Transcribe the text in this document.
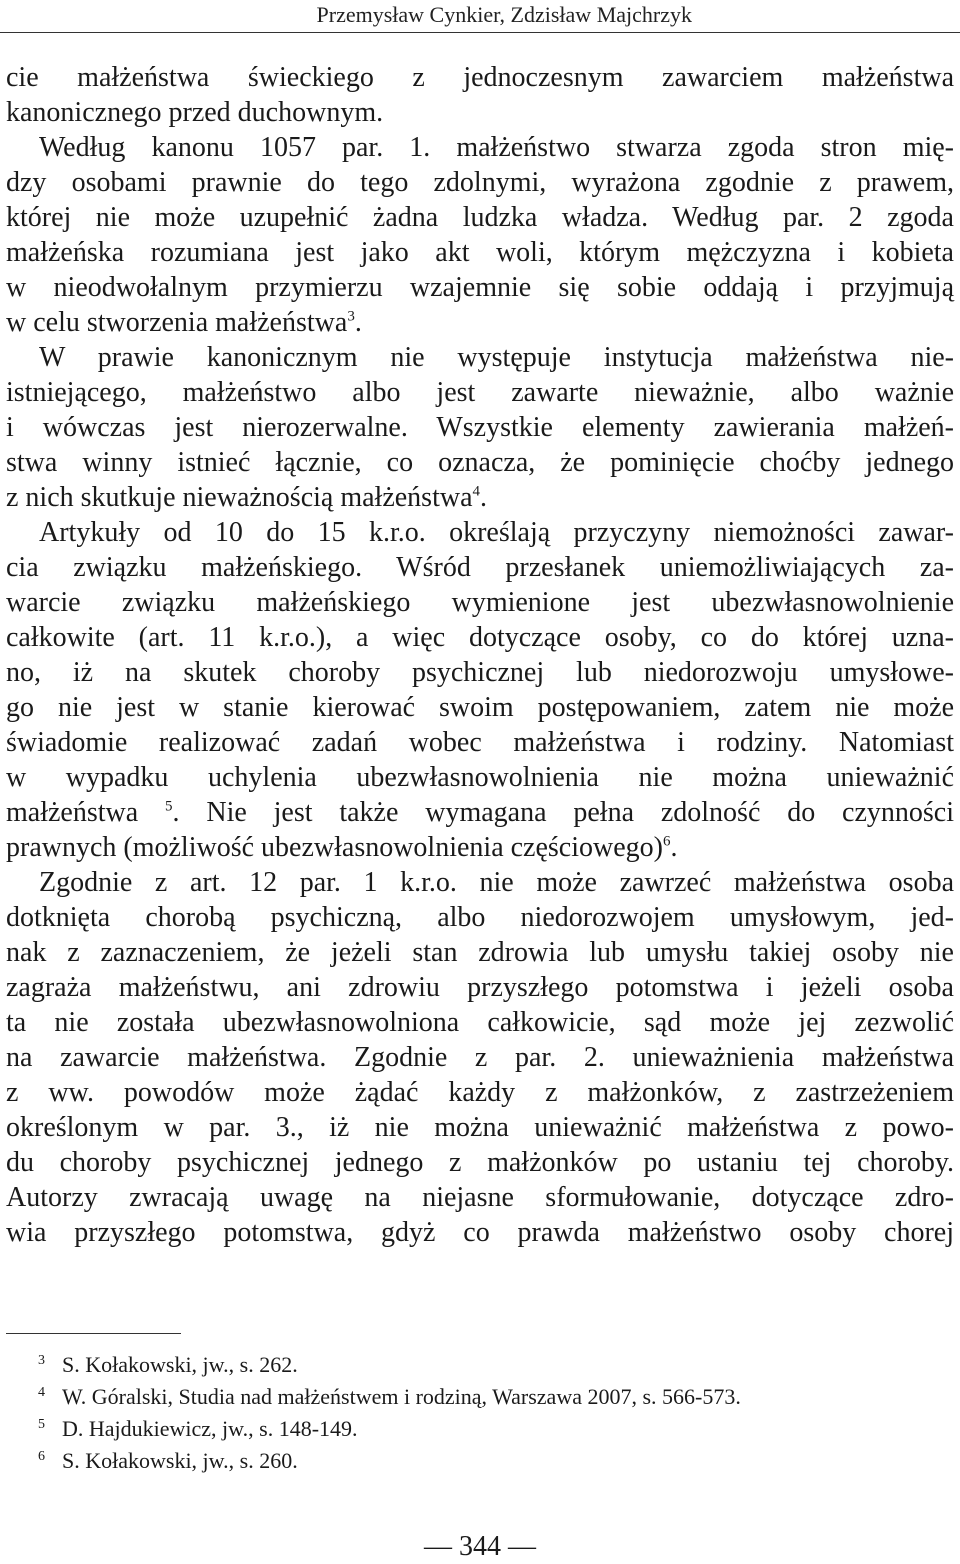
Przemysław Cynkier, Zdzisław Majchrzyk
cie małżeństwa świeckiego z jednoczesnym zawarciem małżeństwa
kanonicznego przed duchownym.
Według kanonu 1057 par. 1. małżeństwo stwarza zgoda stron mię-
dzy osobami prawnie do tego zdolnymi, wyrażona zgodnie z prawem,
której nie może uzupełnić żadna ludzka władza. Według par. 2 zgoda
małżeńska rozumiana jest jako akt woli, którym mężczyzna i kobieta
w nieodwołalnym przymierzu wzajemnie się sobie oddają i przyjmują
w celu stworzenia małżeństwa$^3$.
W prawie kanonicznym nie występuje instytucja małżeństwa nie-
istniejącego, małżeństwo albo jest zawarte nieważnie, albo ważnie
i wówczas jest nierozerwalne. Wszystkie elementy zawierania małżeń-
stwa winny istnieć łącznie, co oznacza, że pominięcie choćby jednego
z nich skutkuje nieważnością małżeństwa$^4$.
Artykuły od 10 do 15 k.r.o. określają przyczyny niemożności zawar-
cia związku małżeńskiego. Wśród przesłanek uniemożliwiających za-
warcie związku małżeńskiego wymienione jest ubezwłasnowolnienie
całkowite (art. 11 k.r.o.), a więc dotyczące osoby, co do której uzna-
no, iż na skutek choroby psychicznej lub niedorozwoju umysłowe-
go nie jest w stanie kierować swoim postępowaniem, zatem nie może
świadomie realizować zadań wobec małżeństwa i rodziny. Natomiast
w wypadku uchylenia ubezwłasnowolnienia nie można unieważnić
małżeństwa $^5$. Nie jest także wymagana pełna zdolność do czynności
prawnych (możliwość ubezwłasnowolnienia częściowego)$^6$.
Zgodnie z art. 12 par. 1 k.r.o. nie może zawrzeć małżeństwa osoba
dotknięta chorobą psychiczną, albo niedorozwojem umysłowym, jed-
nak z zaznaczeniem, że jeżeli stan zdrowia lub umysłu takiej osoby nie
zagraża małżeństwu, ani zdrowiu przyszłego potomstwa i jeżeli osoba
ta nie została ubezwłasnowolniona całkowicie, sąd może jej zezwolić
na zawarcie małżeństwa. Zgodnie z par. 2. unieważnienia małżeństwa
z ww. powodów może żądać każdy z małżonków, z zastrzeżeniem
określonym w par. 3., iż nie można unieważnić małżeństwa z powo-
du choroby psychicznej jednego z małżonków po ustaniu tej choroby.
Autorzy zwracają uwagę na niejasne sformułowanie, dotyczące zdro-
wia przyszłego potomstwa, gdyż co prawda małżeństwo osoby chorej
3 S. Kołakowski, jw., s. 262.
4 W. Góralski, Studia nad małżeństwem i rodziną, Warszawa 2007, s. 566-573.
5 D. Hajdukiewicz, jw., s. 148-149.
6 S. Kołakowski, jw., s. 260.
— 344 —
